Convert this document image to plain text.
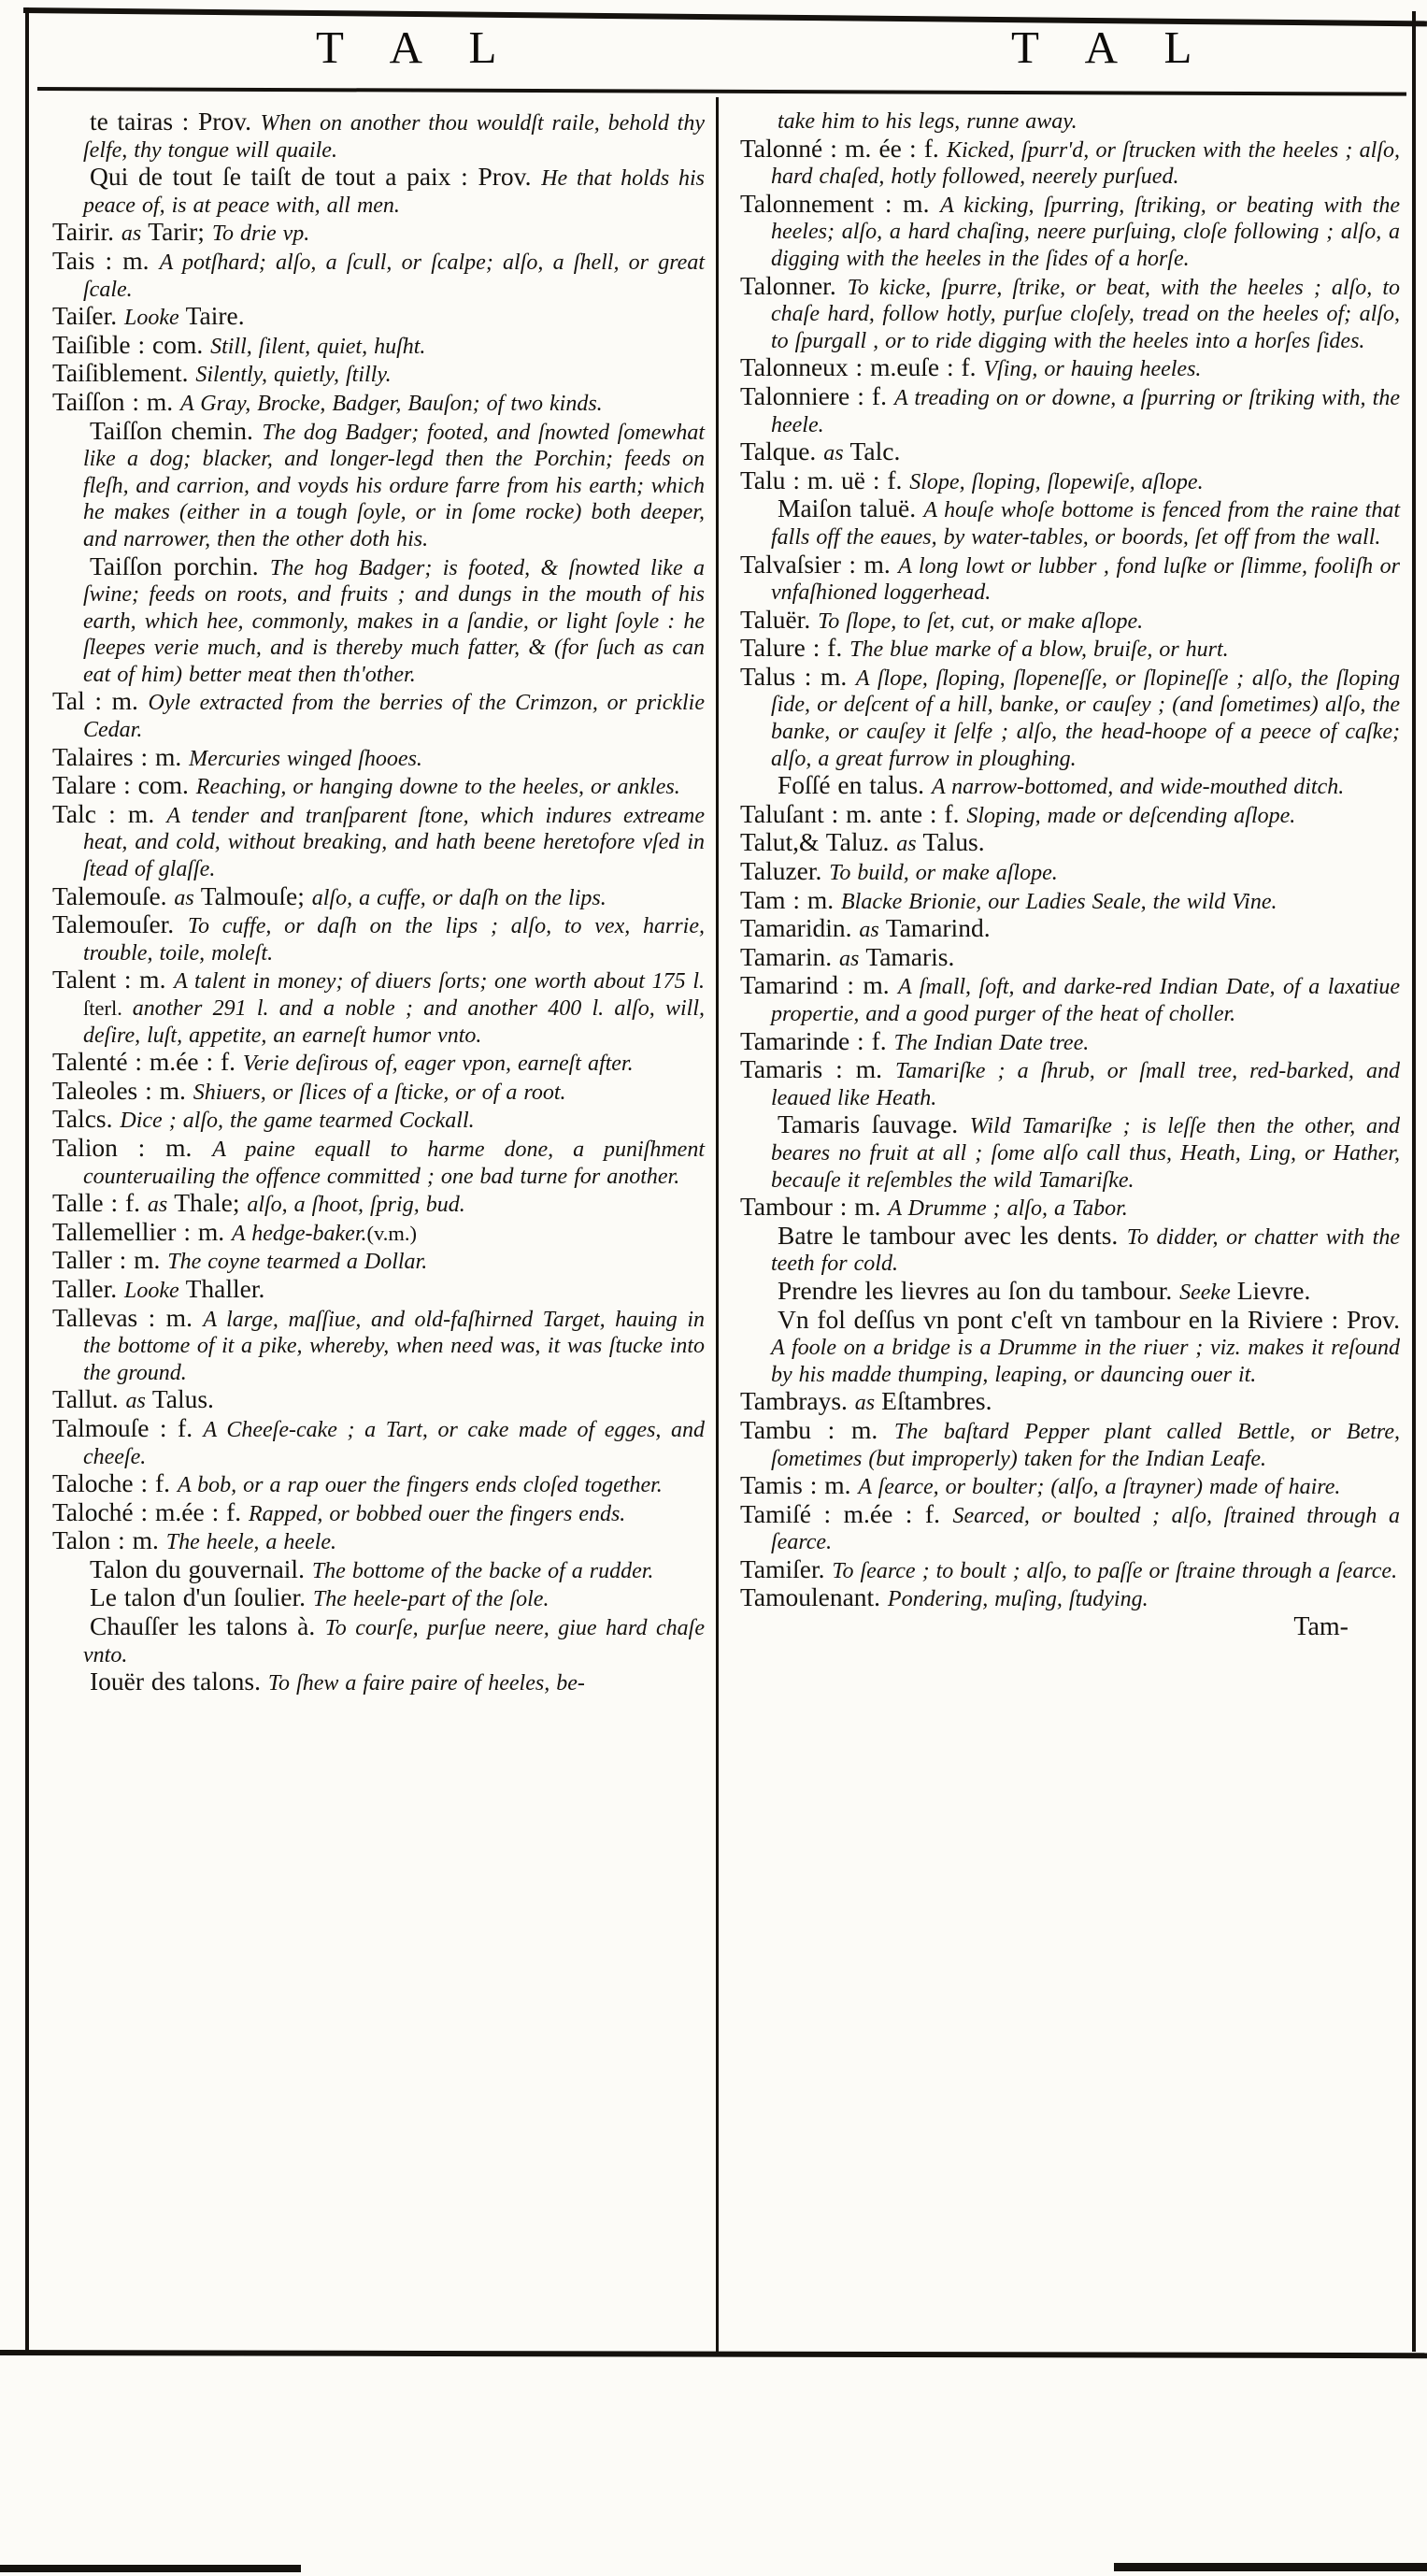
T A L	T A L

te tairas : Prov. When on another thou wouldſt raile, behold thy ſelfe, thy tongue will quaile.

Qui de tout ſe taiſt de tout a paix : Prov. He that holds his peace of, is at peace with, all men.

Tairir. as Tarir; To drie vp.

Tais : m. A potſhard; alſo, a ſcull, or ſcalpe; alſo, a ſhell, or great ſcale.

Taiſer. Looke Taire.

Taiſible : com. Still, ſilent, quiet, huſht.

Taiſiblement. Silently, quietly, ſtilly.

Taiſſon : m. A Gray, Brocke, Badger, Bauſon; of two kinds.

Taiſſon chemin. The dog Badger; footed, and ſnowted ſomewhat like a dog; blacker, and longer-legd then the Porchin; feeds on fleſh, and carrion, and voyds his ordure farre from his earth; which he makes (either in a tough ſoyle, or in ſome rocke) both deeper, and narrower, then the other doth his.

Taiſſon porchin. The hog Badger; is footed, & ſnowted like a ſwine; feeds on roots, and fruits ; and dungs in the mouth of his earth, which hee, commonly, makes in a ſandie, or light ſoyle : he ſleepes verie much, and is thereby much fatter, & (for ſuch as can eat of him) better meat then th'other.

Tal : m. Oyle extracted from the berries of the Crimzon, or pricklie Cedar.

Talaires : m. Mercuries winged ſhooes.

Talare : com. Reaching, or hanging downe to the heeles, or ankles.

Talc : m. A tender and tranſparent ſtone, which indures extreame heat, and cold, without breaking, and hath beene heretofore vſed in ſtead of glaſſe.

Talemouſe. as Talmouſe; alſo, a cuffe, or daſh on the lips.

Talemouſer. To cuffe, or daſh on the lips ; alſo, to vex, harrie, trouble, toile, moleſt.

Talent : m. A talent in money; of diuers ſorts; one worth about 175 l. ſterl. another 291 l. and a noble ; and another 400 l. alſo, will, deſire, luſt, appetite, an earneſt humor vnto.

Talenté : m.ée : f. Verie deſirous of, eager vpon, earneſt after.

Taleoles : m. Shiuers, or ſlices of a ſticke, or of a root.

Talcs. Dice ; alſo, the game tearmed Cockall.

Talion : m. A paine equall to harme done, a puniſhment counteruailing the offence committed ; one bad turne for another.

Talle : f. as Thale; alſo, a ſhoot, ſprig, bud.

Tallemellier : m. A hedge-baker.(v.m.)

Taller : m. The coyne tearmed a Dollar.

Taller. Looke Thaller.

Tallevas : m. A large, maſſiue, and old-faſhirned Target, hauing in the bottome of it a pike, whereby, when need was, it was ſtucke into the ground.

Tallut. as Talus.

Talmouſe : f. A Cheeſe-cake ; a Tart, or cake made of egges, and cheeſe.

Taloche : f. A bob, or a rap ouer the fingers ends cloſed together.

Taloché : m.ée : f. Rapped, or bobbed ouer the fingers ends.

Talon : m. The heele, a heele.

Talon du gouvernail. The bottome of the backe of a rudder.

Le talon d'un ſoulier. The heele-part of the ſole.

Chauſſer les talons à. To courſe, purſue neere, giue hard chaſe vnto.

Iouër des talons. To ſhew a faire paire of heeles, be-

take him to his legs, runne away.

Talonné : m. ée : f. Kicked, ſpurr'd, or ſtrucken with the heeles ; alſo, hard chaſed, hotly followed, neerely purſued.

Talonnement : m. A kicking, ſpurring, ſtriking, or beating with the heeles; alſo, a hard chaſing, neere purſuing, cloſe following ; alſo, a digging with the heeles in the ſides of a horſe.

Talonner. To kicke, ſpurre, ſtrike, or beat, with the heeles ; alſo, to chaſe hard, follow hotly, purſue cloſely, tread on the heeles of; alſo, to ſpurgall , or to ride digging with the heeles into a horſes ſides.

Talonneux : m.euſe : f. Vſing, or hauing heeles.

Talonniere : f. A treading on or downe, a ſpurring or ſtriking with, the heele.

Talque. as Talc.

Talu : m. uë : f. Slope, ſloping, ſlopewiſe, aſlope.

Maiſon taluë. A houſe whoſe bottome is fenced from the raine that falls off the eaues, by water-tables, or boords, ſet off from the wall.

Talvaſsier : m. A long lowt or lubber , fond luſke or ſlimme, fooliſh or vnfaſhioned loggerhead.

Taluër. To ſlope, to ſet, cut, or make aſlope.

Talure : f. The blue marke of a blow, bruiſe, or hurt.

Talus : m. A ſlope, ſloping, ſlopeneſſe, or ſlopineſſe ; alſo, the ſloping ſide, or deſcent of a hill, banke, or cauſey ; (and ſometimes) alſo, the banke, or cauſey it ſelfe ; alſo, the head-hoope of a peece of caſke; alſo, a great furrow in ploughing.

Foſſé en talus. A narrow-bottomed, and wide-mouthed ditch.

Taluſant : m. ante : f. Sloping, made or deſcending aſlope.

Talut,& Taluz. as Talus.

Taluzer. To build, or make aſlope.

Tam : m. Blacke Brionie, our Ladies Seale, the wild Vine.

Tamaridin. as Tamarind.

Tamarin. as Tamaris.

Tamarind : m. A ſmall, ſoft, and darke-red Indian Date, of a laxatiue propertie, and a good purger of the heat of choller.

Tamarinde : f. The Indian Date tree.

Tamaris : m. Tamariſke ; a ſhrub, or ſmall tree, red-barked, and leaued like Heath.

Tamaris ſauvage. Wild Tamariſke ; is leſſe then the other, and beares no fruit at all ; ſome alſo call thus, Heath, Ling, or Hather, becauſe it reſembles the wild Tamariſke.

Tambour : m. A Drumme ; alſo, a Tabor.

Batre le tambour avec les dents. To didder, or chatter with the teeth for cold.

Prendre les lievres au ſon du tambour. Seeke Lievre.

Vn fol deſſus vn pont c'eſt vn tambour en la Riviere : Prov. A foole on a bridge is a Drumme in the riuer ; viz. makes it reſound by his madde thumping, leaping, or dauncing ouer it.

Tambrays. as Eſtambres.

Tambu : m. The baſtard Pepper plant called Bettle, or Betre, ſometimes (but improperly) taken for the Indian Leafe.

Tamis : m. A ſearce, or boulter; (alſo, a ſtrayner) made of haire.

Tamiſé : m.ée : f. Searced, or boulted ; alſo, ſtrained through a ſearce.

Tamiſer. To ſearce ; to boult ; alſo, to paſſe or ſtraine through a ſearce.

Tamoulenant. Pondering, muſing, ſtudying.

Tam-
